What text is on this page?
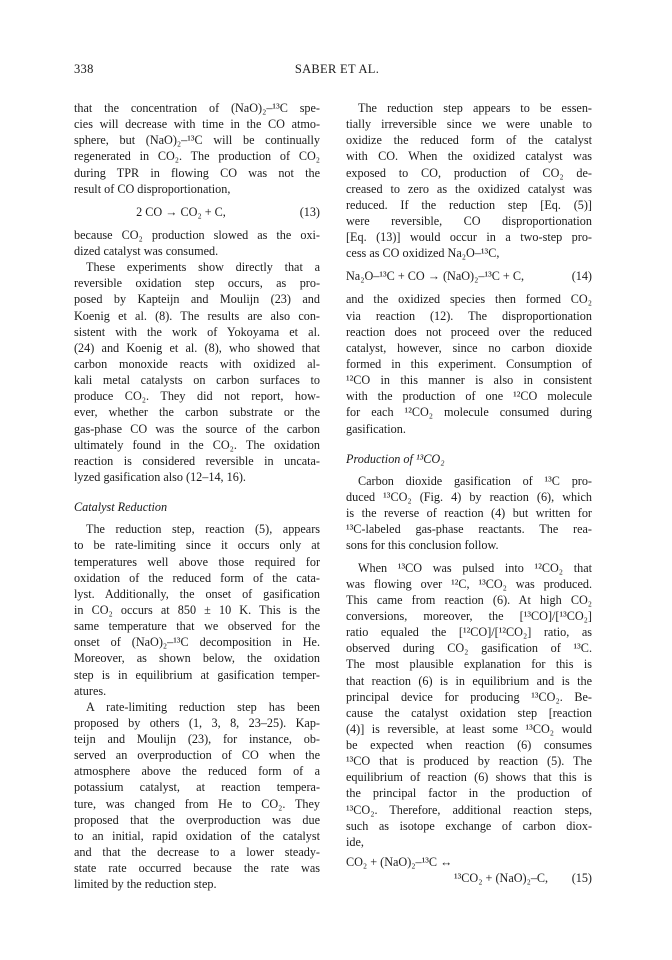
338	SABER ET AL.
that the concentration of (NaO)₂–¹³C spe-
cies will decrease with time in the CO atmo-
sphere, but (NaO)₂–¹³C will be continually
regenerated in CO₂. The production of CO₂
during TPR in flowing CO was not the
result of CO disproportionation,
2 CO → CO₂ + C,	(13)
because CO₂ production slowed as the oxi-
dized catalyst was consumed.
These experiments show directly that a
reversible oxidation step occurs, as pro-
posed by Kapteijn and Moulijn (23) and
Koenig et al. (8). The results are also con-
sistent with the work of Yokoyama et al.
(24) and Koenig et al. (8), who showed that
carbon monoxide reacts with oxidized al-
kali metal catalysts on carbon surfaces to
produce CO₂. They did not report, how-
ever, whether the carbon substrate or the
gas-phase CO was the source of the carbon
ultimately found in the CO₂. The oxidation
reaction is considered reversible in uncata-
lyzed gasification also (12–14, 16).
Catalyst Reduction
The reduction step, reaction (5), appears
to be rate-limiting since it occurs only at
temperatures well above those required for
oxidation of the reduced form of the cata-
lyst. Additionally, the onset of gasification
in CO₂ occurs at 850 ± 10 K. This is the
same temperature that we observed for the
onset of (NaO)₂–¹³C decomposition in He.
Moreover, as shown below, the oxidation
step is in equilibrium at gasification temper-
atures.
A rate-limiting reduction step has been
proposed by others (1, 3, 8, 23–25). Kap-
teijn and Moulijn (23), for instance, ob-
served an overproduction of CO when the
atmosphere above the reduced form of a
potassium catalyst, at reaction tempera-
ture, was changed from He to CO₂. They
proposed that the overproduction was due
to an initial, rapid oxidation of the catalyst
and that the decrease to a lower steady-
state rate occurred because the rate was
limited by the reduction step.
The reduction step appears to be essen-
tially irreversible since we were unable to
oxidize the reduced form of the catalyst
with CO. When the oxidized catalyst was
exposed to CO, production of CO₂ de-
creased to zero as the oxidized catalyst was
reduced. If the reduction step [Eq. (5)]
were reversible, CO disproportionation
[Eq. (13)] would occur in a two-step pro-
cess as CO oxidized Na₂O–¹³C,
Na₂O–¹³C + CO → (NaO)₂–¹³C + C,	(14)
and the oxidized species then formed CO₂
via reaction (12). The disproportionation
reaction does not proceed over the reduced
catalyst, however, since no carbon dioxide
formed in this experiment. Consumption of
¹²CO in this manner is also in consistent
with the production of one ¹²CO molecule
for each ¹²CO₂ molecule consumed during
gasification.
Production of ¹³CO₂
Carbon dioxide gasification of ¹³C pro-
duced ¹³CO₂ (Fig. 4) by reaction (6), which
is the reverse of reaction (4) but written for
¹³C-labeled gas-phase reactants. The rea-
sons for this conclusion follow.
When ¹³CO was pulsed into ¹²CO₂ that
was flowing over ¹²C, ¹³CO₂ was produced.
This came from reaction (6). At high CO₂
conversions, moreover, the [¹³CO]/[¹³CO₂]
ratio equaled the [¹²CO]/[¹²CO₂] ratio, as
observed during CO₂ gasification of ¹³C.
The most plausible explanation for this is
that reaction (6) is in equilibrium and is the
principal device for producing ¹³CO₂. Be-
cause the catalyst oxidation step [reaction
(4)] is reversible, at least some ¹³CO₂ would
be expected when reaction (6) consumes
¹³CO that is produced by reaction (5). The
equilibrium of reaction (6) shows that this is
the principal factor in the production of
¹³CO₂. Therefore, additional reaction steps,
such as isotope exchange of carbon diox-
ide,
CO₂ + (NaO)₂–¹³C ↔
¹³CO₂ + (NaO)₂–C, (15)
